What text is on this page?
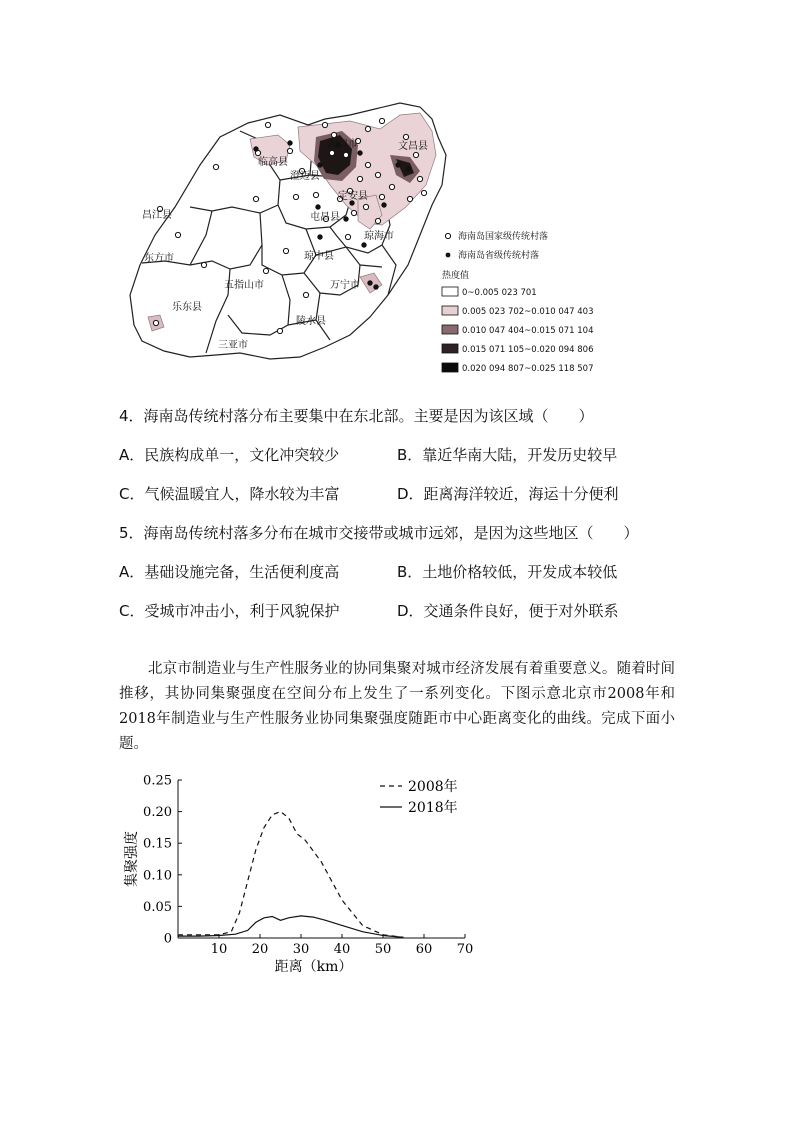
海口市	文昌县
临高县
澄迈县
定安县
昌江县	屯昌县
琼海市
东方市	琼中县
五指山市	万宁市
乐东县
陵水县
三亚市
海南岛国家级传统村落
海南岛省级传统村落
热度值
0~0.005 023 701
0.005 023 702~0.010 047 403
0.010 047 404~0.015 071 104
0.015 071 105~0.020 094 806
0.020 094 807~0.025 118 507
4．海南岛传统村落分布主要集中在东北部。主要是因为该区域（　　）
A．民族构成单一，文化冲突较少	B．靠近华南大陆，开发历史较早
C．气候温暖宜人，降水较为丰富	D．距离海洋较近，海运十分便利
5．海南岛传统村落多分布在城市交接带或城市远郊，是因为这些地区（　　）
A．基础设施完备，生活便利度高	B．土地价格较低，开发成本较低
C．受城市冲击小，利于风貌保护	D．交通条件良好，便于对外联系

北京市制造业与生产性服务业的协同集聚对城市经济发展有着重要意义。随着时间推移，其协同集聚强度在空间分布上发生了一系列变化。下图示意北京市2008年和2018年制造业与生产性服务业协同集聚强度随距市中心距离变化的曲线。完成下面小题。

0
0.05
0.10
0.15
0.20
0.25
10 20 30 40 50 60 70
距离（km）
集聚强度
2008年
2018年
